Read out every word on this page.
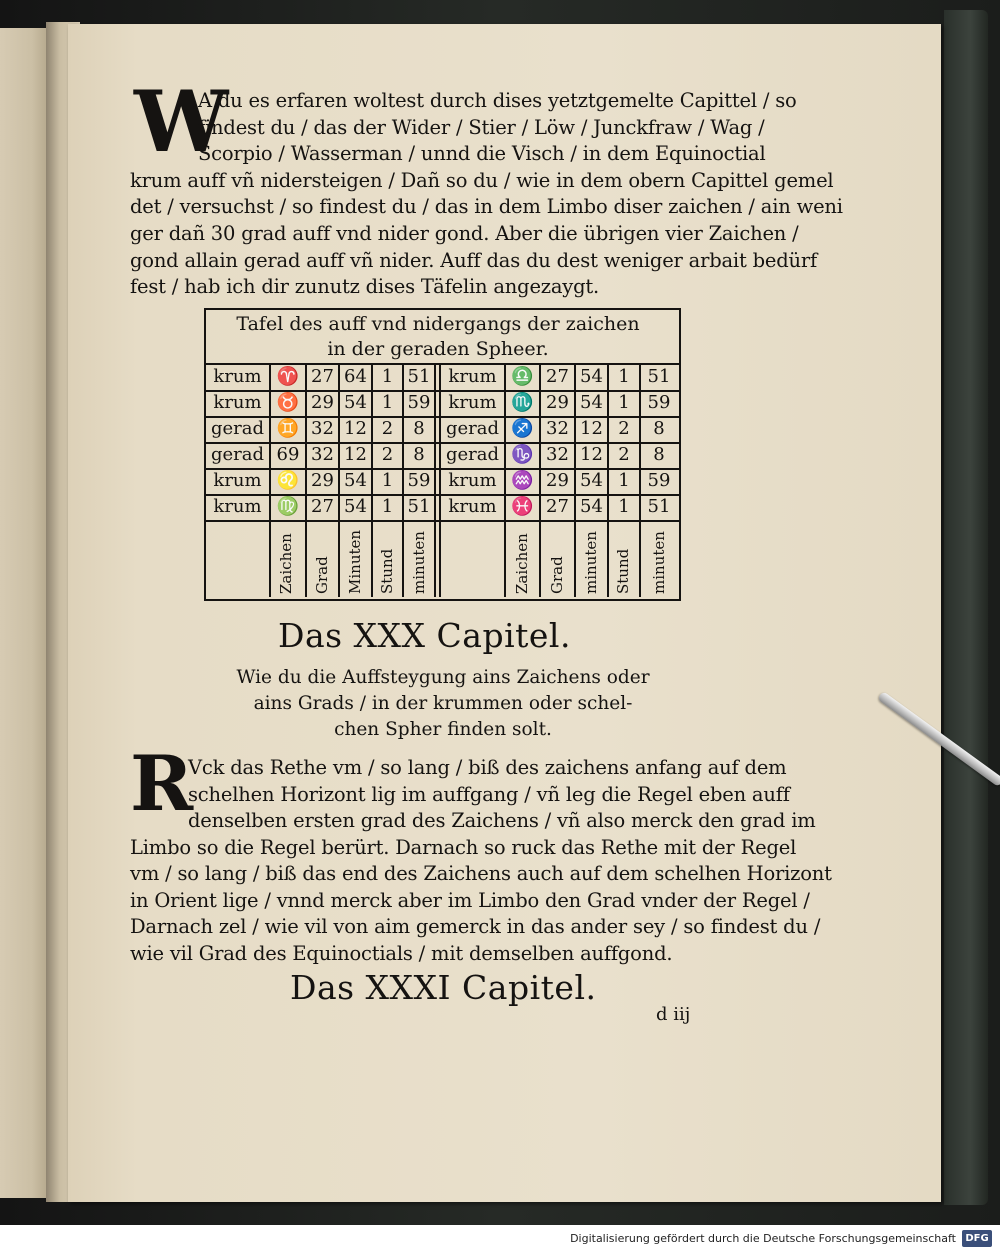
W
A du es erfaren woltest durch dises yetztgemelte Capittel / so
findest du / das der Wider / Stier / Löw / Junckfraw / Wag /
Scorpio / Wasserman / unnd die Visch / in dem Equinoctial
krum auff vñ nidersteigen / Dañ so du / wie in dem obern Capittel gemel
det / versuchst / so findest du / das in dem Limbo diser zaichen / ain weni
ger dañ 30 grad auff vnd nider gond. Aber die übrigen vier Zaichen /
gond allain gerad auff vñ nider. Auff das du dest weniger arbait bedürf
fest / hab ich dir zunutz dises Täfelin angezaygt.
Tafel des auff vnd nidergangs der zaichen
in der geraden Spheer.
krum ♈ 27 64 1 51 krum ♎ 27 54 1 51
krum ♉ 29 54 1 59 krum ♏ 29 54 1 59
gerad ♊ 32 12 2	8	gerad ♐ 32 12 2	8
gerad 69 32 12 2	8	gerad ♑ 32 12 2	8
krum ♌ 29 54 1 59 krum ♒ 29 54 1 59
krum ♍ 27 54 1 51 krum ♓ 27 54 1 51
Zaichen Grad Minuten Stund minuten	Zaichen Grad minuten Stund minuten
Das XXX Capitel.
Wie du die Auffsteygung ains Zaichens oder
ains Grads / in der krummen oder schel-
chen Spher finden solt.
R
Vck das Rethe vm / so lang / biß des zaichens anfang auf dem
schelhen Horizont lig im auffgang / vñ leg die Regel eben auff
denselben ersten grad des Zaichens / vñ also merck den grad im
Limbo so die Regel berürt. Darnach so ruck das Rethe mit der Regel
vm / so lang / biß das end des Zaichens auch auf dem schelhen Horizont
in Orient lige / vnnd merck aber im Limbo den Grad vnder der Regel /
Darnach zel / wie vil von aim gemerck in das ander sey / so findest du /
wie vil Grad des Equinoctials / mit demselben auffgond.
Das XXXI Capitel.
d iij
Digitalisierung gefördert durch die Deutsche Forschungsgemeinschaft DFG
